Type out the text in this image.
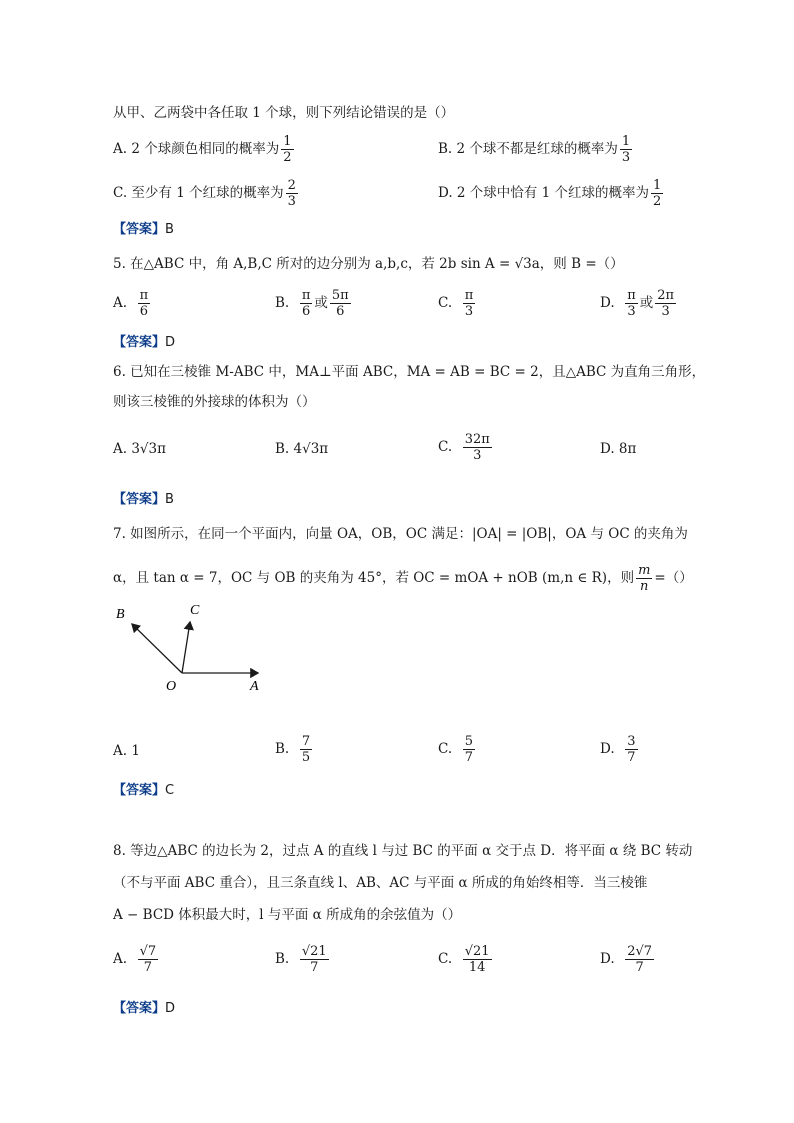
从甲、乙两袋中各任取 1 个球，则下列结论错误的是（）
A. 2 个球颜色相同的概率为 $\frac{1}{2}$	B. 2 个球不都是红球的概率为 $\frac{1}{3}$
C. 至少有 1 个红球的概率为 $\frac{2}{3}$	D. 2 个球中恰有 1 个红球的概率为 $\frac{1}{2}$
【答案】B
5. 在△ABC 中，角 A,B,C 所对的边分别为 a,b,c，若 2b sin A = √3a，则 B =（）
A. $\frac{\pi}{6}$	B. $\frac{\pi}{6}$ 或 $\frac{5\pi}{6}$	C. $\frac{\pi}{3}$	D. $\frac{\pi}{3}$ 或 $\frac{2\pi}{3}$
【答案】D
6. 已知在三棱锥 M-ABC 中，MA⊥平面 ABC，MA = AB = BC = 2，且△ABC 为直角三角形，
则该三棱锥的外接球的体积为（）
A. 3√3π	B. 4√3π	C. $\frac{32\pi}{3}$	D. 8π
【答案】B
7. 如图所示，在同一个平面内，向量 OA，OB，OC 满足：|OA| = |OB|，OA 与 OC 的夹角为
α，且 tan α = 7，OC 与 OB 的夹角为 45°，若 OC = mOA + nOB (m,n ∈ R)，则 $\frac{m}{n}$ =（）
B	C
O	A
A. 1	B. $\frac{7}{5}$	C. $\frac{5}{7}$	D. $\frac{3}{7}$
【答案】C
8. 等边△ABC 的边长为 2，过点 A 的直线 l 与过 BC 的平面 α 交于点 D．将平面 α 绕 BC 转动
（不与平面 ABC 重合），且三条直线 l、AB、AC 与平面 α 所成的角始终相等．当三棱锥
A − BCD 体积最大时，l 与平面 α 所成角的余弦值为（）
A. $\frac{√7}{7}$	B. $\frac{√21}{7}$	C. $\frac{√21}{14}$	D. $\frac{2√7}{7}$
【答案】D
